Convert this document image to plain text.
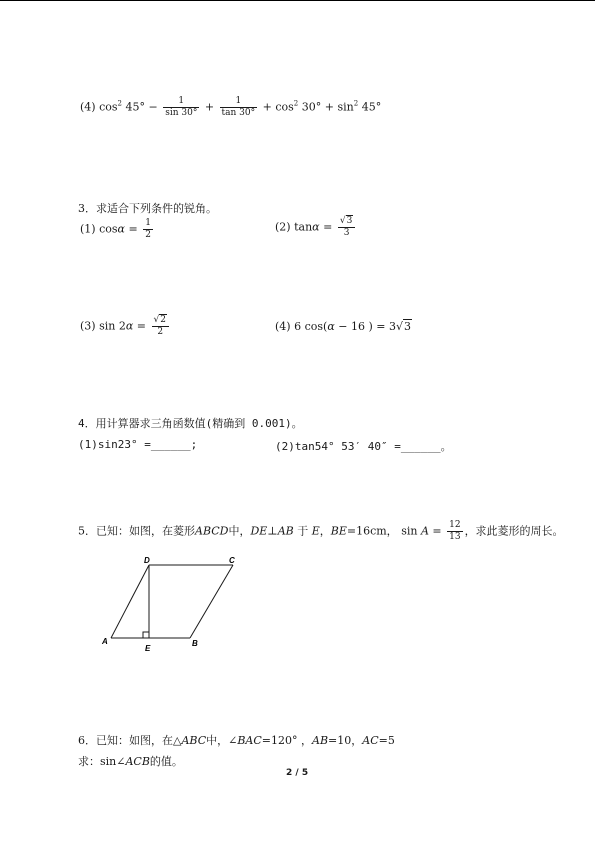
(4) $\cos^2 45^\circ - \frac{1}{\sin 30^\circ} + \frac{1}{\tan 30^\circ} + \cos^2 30^\circ + \sin^2 45^\circ$
3．求适合下列条件的锐角。
(1) $\cos\alpha = \frac{1}{2}$	(2) $\tan\alpha = \frac{√3}{3}$
(3) $\sin 2\alpha = \frac{√2}{2}$	(4) 6 cos(α − 16 ) = 3√3
4．用计算器求三角函数值(精确到 0.001)。
(1)sin23° =______;	(2)tan54° 53′ 40″ =______。
5．已知：如图，在菱形ABCD中，DE⊥AB 于 E，BE=16cm， $\sin A = \frac{12}{13}$ ，求此菱形的周长。
D	C
A
E
B
6．已知：如图，在△ABC中，∠BAC=120° ，AB=10，AC=5
求：sin∠ACB的值。
2 / 5
